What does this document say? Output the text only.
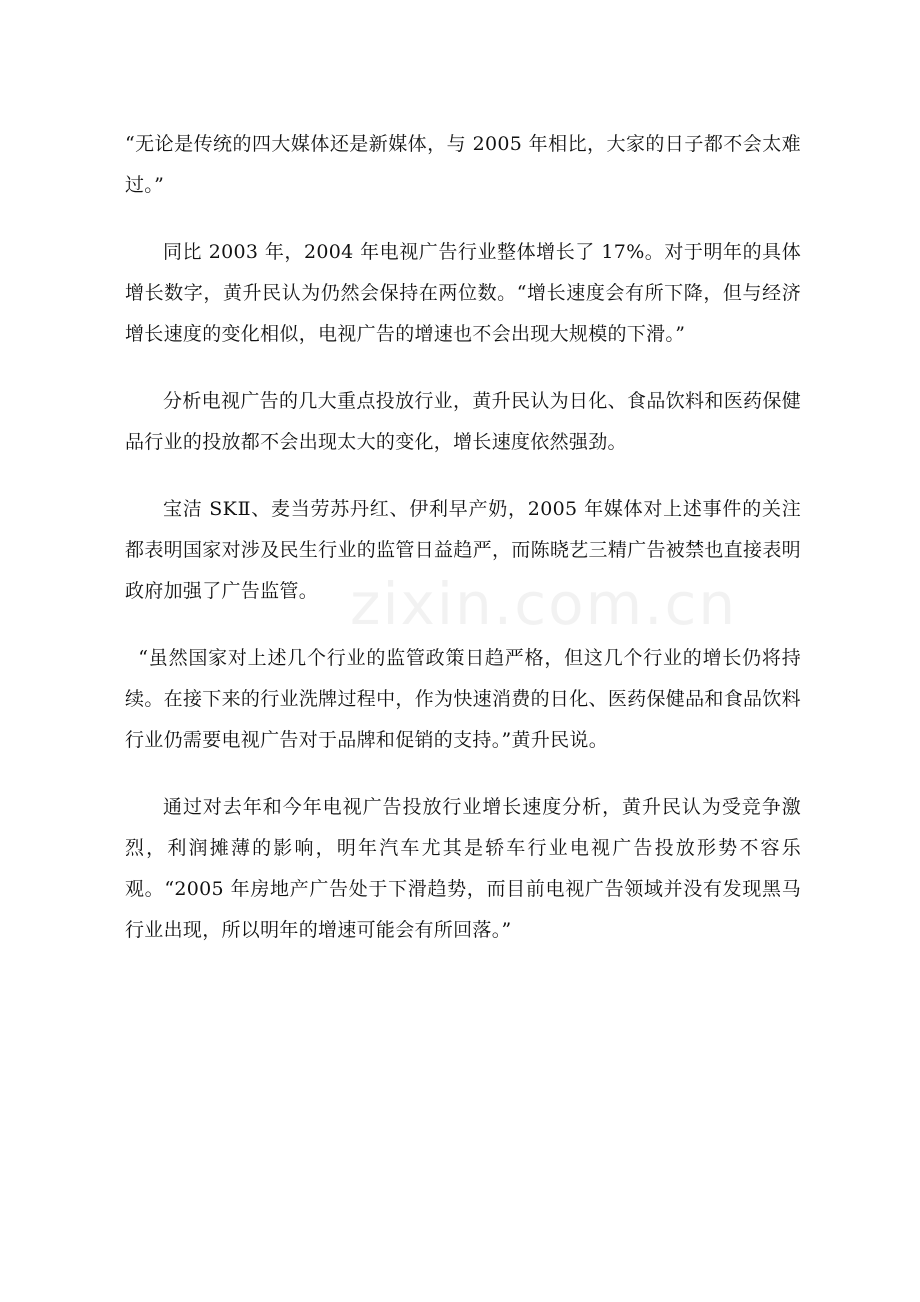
“无论是传统的四大媒体还是新媒体，与 2005 年相比，大家的日子都不会太难过。”

同比 2003 年，2004 年电视广告行业整体增长了 17%。对于明年的具体增长数字，黄升民认为仍然会保持在两位数。“增长速度会有所下降，但与经济增长速度的变化相似，电视广告的增速也不会出现大规模的下滑。”

分析电视广告的几大重点投放行业，黄升民认为日化、食品饮料和医药保健品行业的投放都不会出现太大的变化，增长速度依然强劲。

宝洁 SKⅡ、麦当劳苏丹红、伊利早产奶，2005 年媒体对上述事件的关注都表明国家对涉及民生行业的监管日益趋严，而陈晓艺三精广告被禁也直接表明政府加强了广告监管。

“虽然国家对上述几个行业的监管政策日趋严格，但这几个行业的增长仍将持续。在接下来的行业洗牌过程中，作为快速消费的日化、医药保健品和食品饮料行业仍需要电视广告对于品牌和促销的支持。”黄升民说。

通过对去年和今年电视广告投放行业增长速度分析，黄升民认为受竞争激烈，利润摊薄的影响，明年汽车尤其是轿车行业电视广告投放形势不容乐观。“2005 年房地产广告处于下滑趋势，而目前电视广告领域并没有发现黑马行业出现，所以明年的增速可能会有所回落。”

zixin.com.cn
